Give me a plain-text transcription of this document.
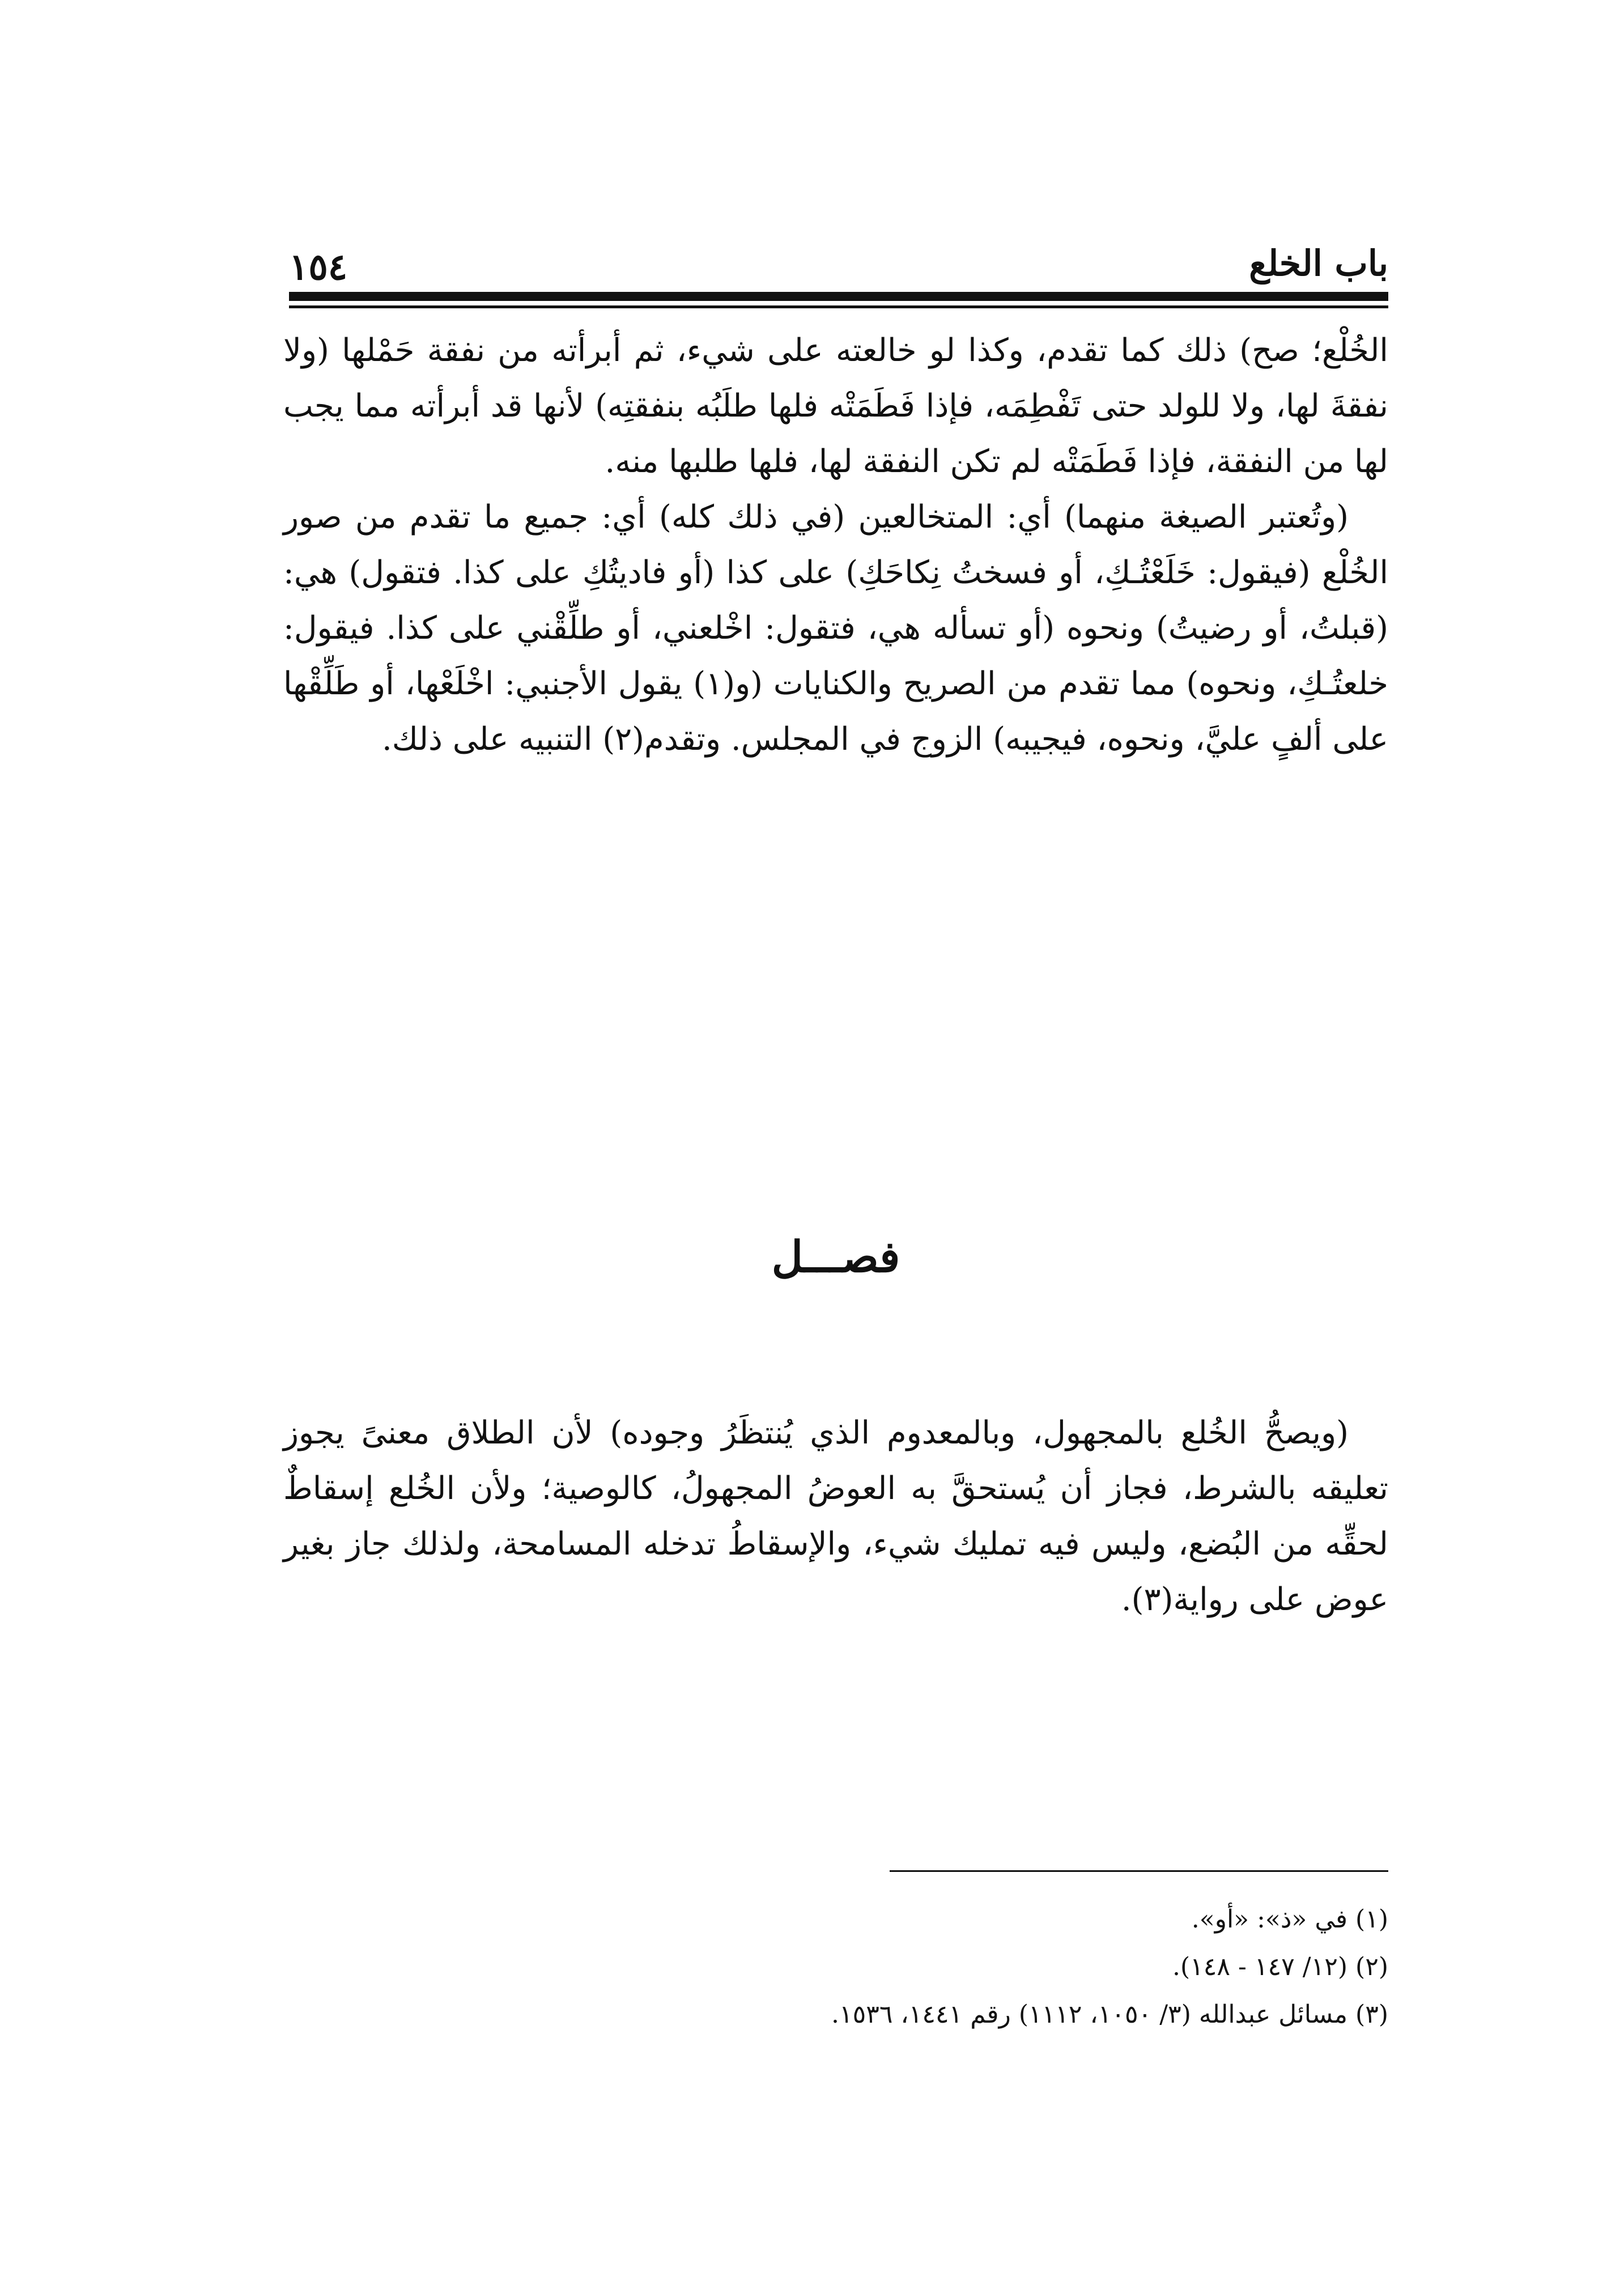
١٥٤	باب الخلع

الخُلْع؛ صح) ذلك كما تقدم، وكذا لو خالعته على شيء، ثم أبرأته من نفقة حَمْلها (ولا نفقةَ لها، ولا للولد حتى تَفْطِمَه، فإذا فَطَمَتْه فلها طلَبُه بنفقتِه) لأنها قد أبرأته مما يجب لها من النفقة، فإذا فَطَمَتْه لم تكن النفقة لها، فلها طلبها منه.

(وتُعتبر الصيغة منهما) أي: المتخالعين (في ذلك كله) أي: جميع ما تقدم من صور الخُلْع (فيقول: خَلَعْتُـكِ، أو فسختُ نِكاحَكِ) على كذا (أو فاديتُكِ على كذا. فتقول) هي: (قبلتُ، أو رضيتُ) ونحوه (أو تسأله هي، فتقول: اخْلعني، أو طلِّقْني على كذا. فيقول: خلعتُـكِ، ونحوه) مما تقدم من الصريح والكنايات (و(١) يقول الأجنبي: اخْلَعْها، أو طَلِّقْها على ألفٍ عليَّ، ونحوه، فيجيبه) الزوج في المجلس. وتقدم(٢) التنبيه على ذلك.

فصـــل

(ويصحُّ الخُلع بالمجهول، وبالمعدوم الذي يُنتظَرُ وجوده) لأن الطلاق معنىً يجوز تعليقه بالشرط، فجاز أن يُستحقَّ به العوضُ المجهولُ، كالوصية؛ ولأن الخُلع إسقاطٌ لحقِّه من البُضع، وليس فيه تمليك شيء، والإسقاطُ تدخله المسامحة، ولذلك جاز بغير عوض على رواية(٣).

(١) في «ذ»: «أو».

(٢) (١٢/ ١٤٧ - ١٤٨).

(٣) مسائل عبدالله (٣/ ١٠٥٠، ١١١٢) رقم ١٤٤١، ١٥٣٦.
